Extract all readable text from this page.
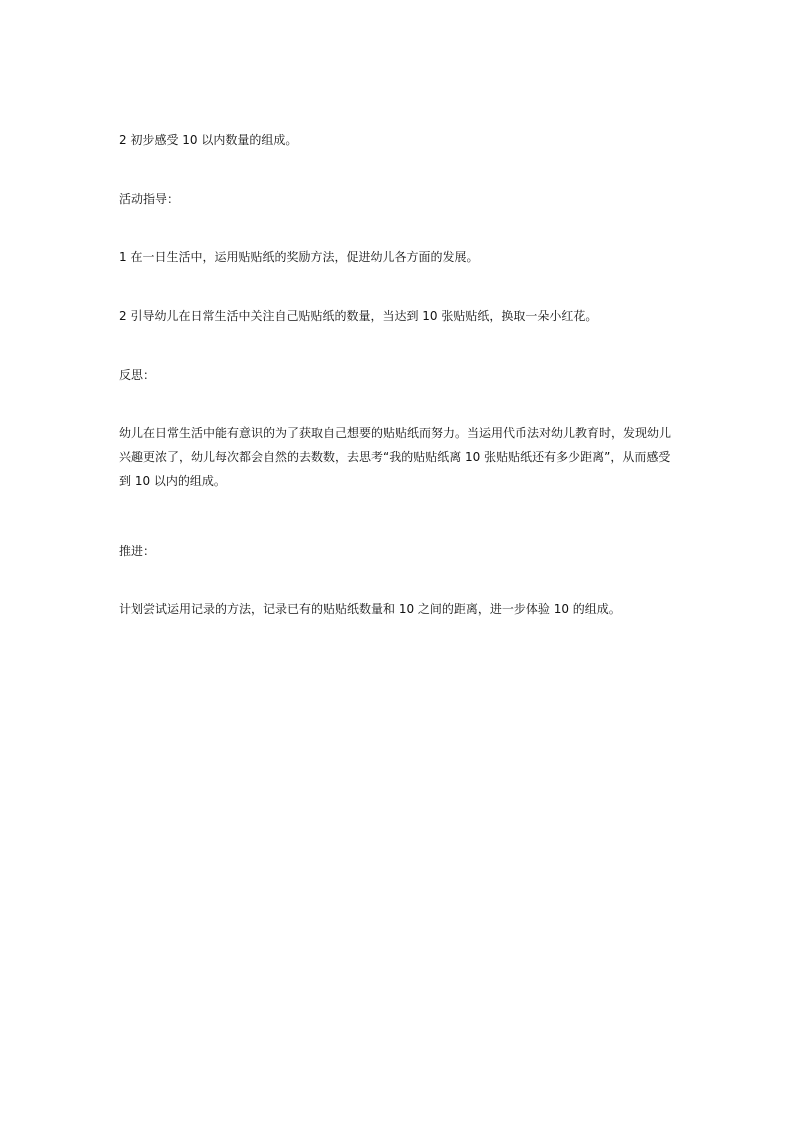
2 初步感受 10 以内数量的组成。

活动指导：

1 在一日生活中，运用贴贴纸的奖励方法，促进幼儿各方面的发展。

2 引导幼儿在日常生活中关注自己贴贴纸的数量，当达到 10 张贴贴纸，换取一朵小红花。

反思：

幼儿在日常生活中能有意识的为了获取自己想要的贴贴纸而努力。当运用代币法对幼儿教育时，发现幼儿
兴趣更浓了，幼儿每次都会自然的去数数，去思考“我的贴贴纸离 10 张贴贴纸还有多少距离”，从而感受
到 10 以内的组成。

推进：

计划尝试运用记录的方法，记录已有的贴贴纸数量和 10 之间的距离，进一步体验 10 的组成。
